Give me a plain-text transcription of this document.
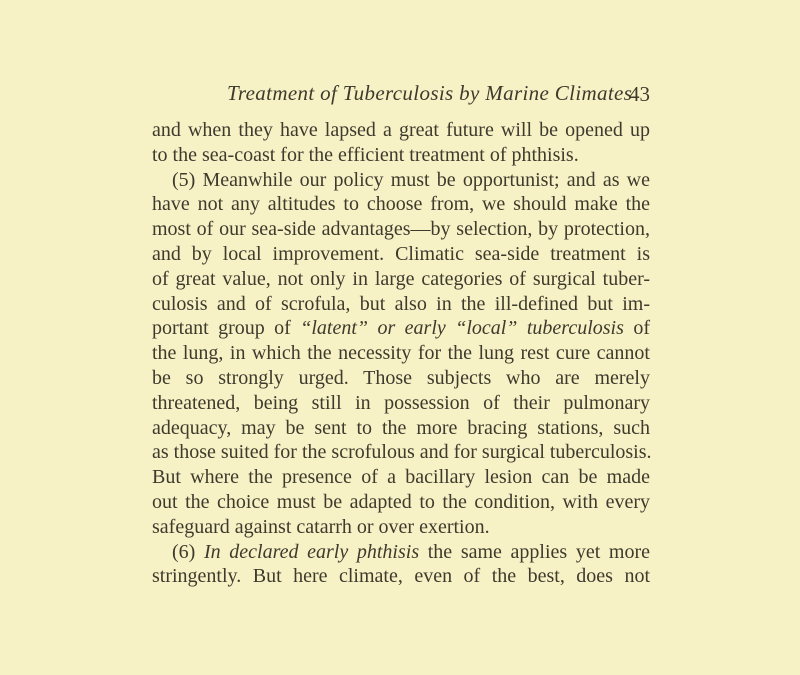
Treatment of Tuberculosis by Marine Climates
43
and when they have lapsed a great future will be opened up
to the sea-coast for the efficient treatment of phthisis.
(5) Meanwhile our policy must be opportunist; and as we
have not any altitudes to choose from, we should make the
most of our sea-side advantages—by selection, by protection,
and by local improvement. Climatic sea-side treatment is
of great value, not only in large categories of surgical tuber-
culosis and of scrofula, but also in the ill-defined but im-
portant group of “latent” or early “local” tuberculosis of
the lung, in which the necessity for the lung rest cure cannot
be so strongly urged. Those subjects who are merely
threatened, being still in possession of their pulmonary
adequacy, may be sent to the more bracing stations, such
as those suited for the scrofulous and for surgical tuberculosis.
But where the presence of a bacillary lesion can be made
out the choice must be adapted to the condition, with every
safeguard against catarrh or over exertion.
(6) In declared early phthisis the same applies yet more
stringently. But here climate, even of the best, does not
